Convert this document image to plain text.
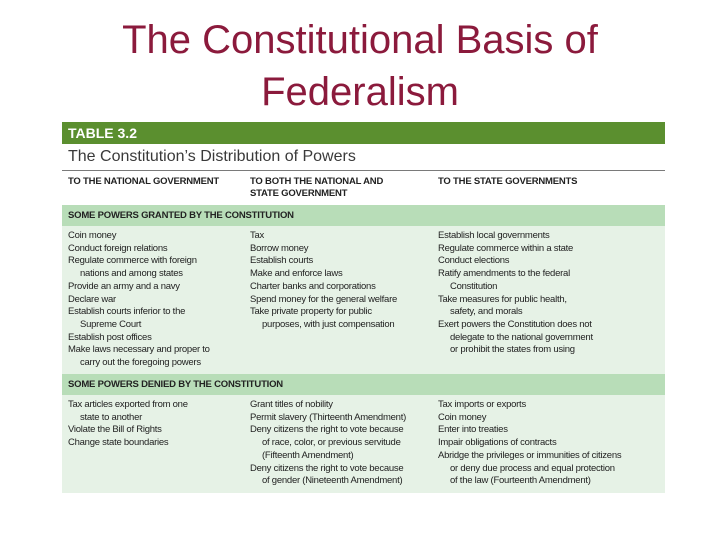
The Constitutional Basis of
Federalism
TABLE 3.2
The Constitution’s Distribution of Powers
TO THE NATIONAL GOVERNMENT	TO BOTH THE NATIONAL AND
STATE GOVERNMENT
TO THE STATE GOVERNMENTS
SOME POWERS GRANTED BY THE CONSTITUTION
Coin money
Conduct foreign relations
Regulate commerce with foreign
nations and among states
Provide an army and a navy
Declare war
Establish courts inferior to the
Supreme Court
Establish post offices
Make laws necessary and proper to
carry out the foregoing powers
Tax
Borrow money
Establish courts
Make and enforce laws
Charter banks and corporations
Spend money for the general welfare
Take private property for public
purposes, with just compensation
Establish local governments
Regulate commerce within a state
Conduct elections
Ratify amendments to the federal
Constitution
Take measures for public health,
safety, and morals
Exert powers the Constitution does not
delegate to the national government
or prohibit the states from using
SOME POWERS DENIED BY THE CONSTITUTION
Tax articles exported from one
state to another
Violate the Bill of Rights
Change state boundaries
Grant titles of nobility
Permit slavery (Thirteenth Amendment)
Deny citizens the right to vote because
of race, color, or previous servitude
(Fifteenth Amendment)
Deny citizens the right to vote because
of gender (Nineteenth Amendment)
Tax imports or exports
Coin money
Enter into treaties
Impair obligations of contracts
Abridge the privileges or immunities of citizens
or deny due process and equal protection
of the law (Fourteenth Amendment)
